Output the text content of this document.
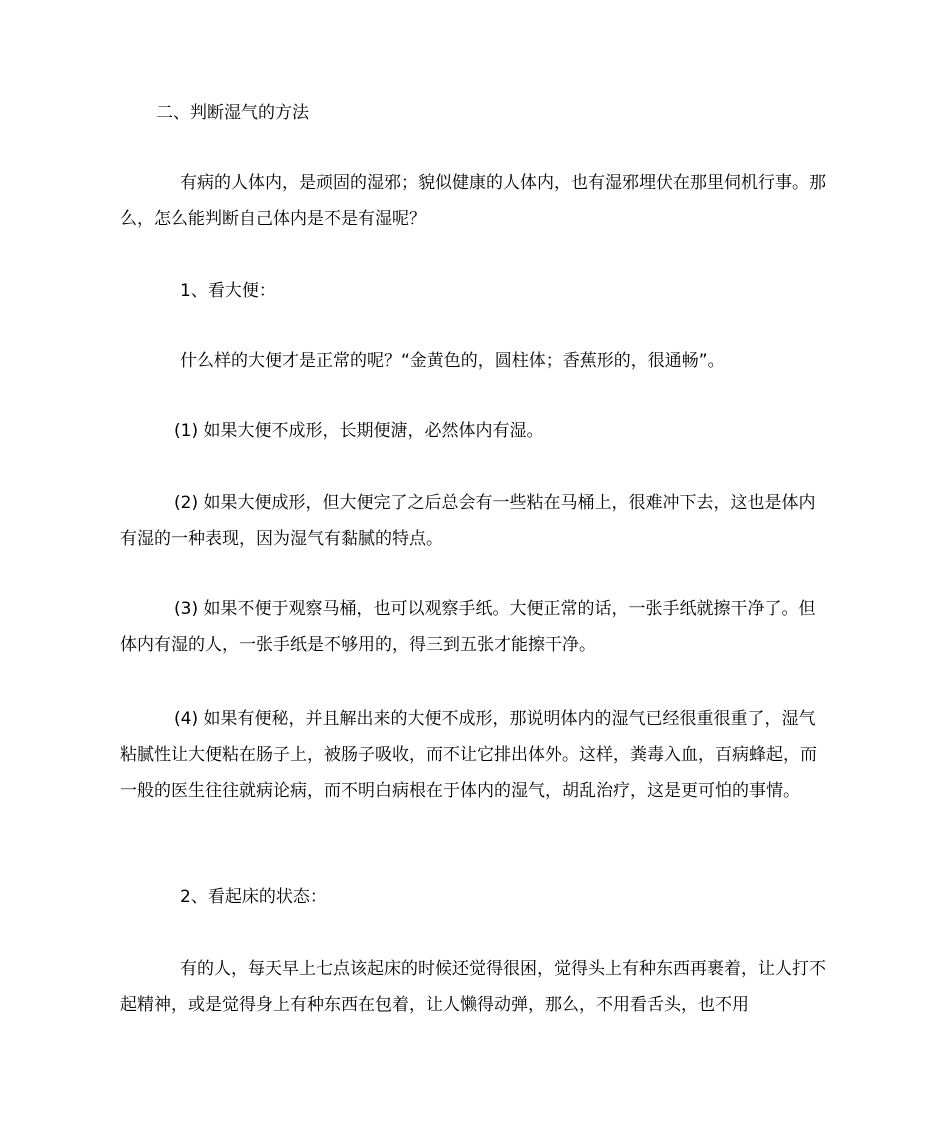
二、判断湿气的方法

有病的人体内，是顽固的湿邪；貌似健康的人体内，也有湿邪埋伏在那里伺机行事。那么，怎么能判断自己体内是不是有湿呢？

1、看大便：

什么样的大便才是正常的呢？“金黄色的，圆柱体；香蕉形的，很通畅”。

(1) 如果大便不成形，长期便溏，必然体内有湿。

(2) 如果大便成形，但大便完了之后总会有一些粘在马桶上，很难冲下去，这也是体内有湿的一种表现，因为湿气有黏腻的特点。

(3) 如果不便于观察马桶，也可以观察手纸。大便正常的话，一张手纸就擦干净了。但体内有湿的人，一张手纸是不够用的，得三到五张才能擦干净。

(4) 如果有便秘，并且解出来的大便不成形，那说明体内的湿气已经很重很重了，湿气粘腻性让大便粘在肠子上，被肠子吸收，而不让它排出体外。这样，粪毒入血，百病蜂起，而一般的医生往往就病论病，而不明白病根在于体内的湿气，胡乱治疗，这是更可怕的事情。

2、看起床的状态：

有的人，每天早上七点该起床的时候还觉得很困，觉得头上有种东西再裹着，让人打不起精神，或是觉得身上有种东西在包着，让人懒得动弹，那么，不用看舌头，也不用
